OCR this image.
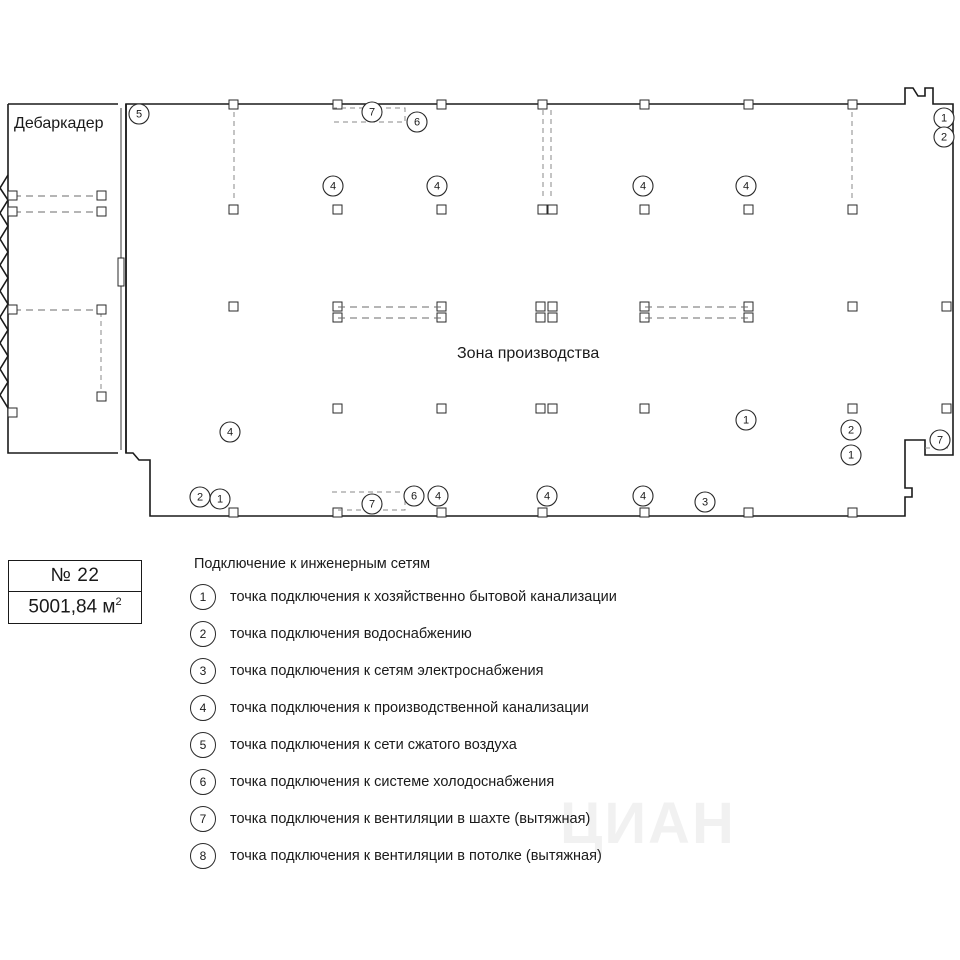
5	7
6	1
2
4	4	4	4
4
1
2
1
7
2 1	7
6 4	4	4	3
Дебаркадер
Зона производства
№ 22
5001,84 $м^2$
Подключение к инженерным сетям
1	точка подключения к хозяйственно бытовой канализации
2	точка подключения водоснабжению
3	точка подключения к сетям электроснабжения
4	точка подключения к производственной канализации
5	точка подключения к сети сжатого воздуха
6	точка подключения к системе холодоснабжения
7	точка подключения к вентиляции в шахте (вытяжная)
8	точка подключения к вентиляции в потолке (вытяжная)
ЦИАН
